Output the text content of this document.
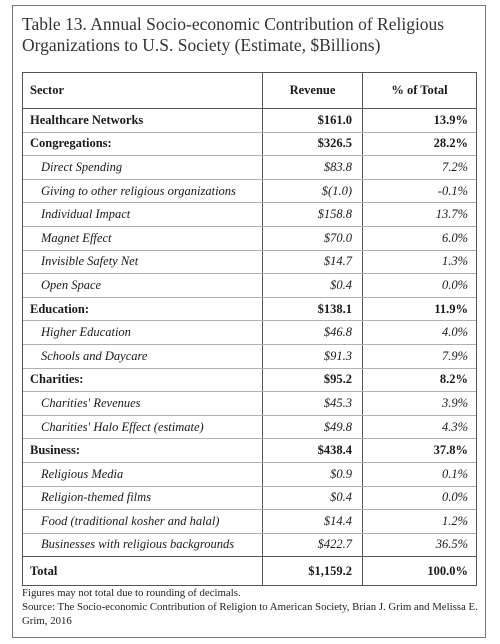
Table 13. Annual Socio-economic Contribution of Religious Organizations to U.S. Society (Estimate, $Billions)
Sector	Revenue	% of Total
Healthcare Networks	$161.0	13.9%
Congregations:	$326.5	28.2%
Direct Spending	$83.8	7.2%
Giving to other religious organizations	$(1.0)	-0.1%
Individual Impact	$158.8	13.7%
Magnet Effect	$70.0	6.0%
Invisible Safety Net	$14.7	1.3%
Open Space	$0.4	0.0%
Education:	$138.1	11.9%
Higher Education	$46.8	4.0%
Schools and Daycare	$91.3	7.9%
Charities:	$95.2	8.2%
Charities' Revenues	$45.3	3.9%
Charities' Halo Effect (estimate)	$49.8	4.3%
Business:	$438.4	37.8%
Religious Media	$0.9	0.1%
Religion-themed films	$0.4	0.0%
Food (traditional kosher and halal)	$14.4	1.2%
Businesses with religious backgrounds	$422.7	36.5%
Total	$1,159.2	100.0%
Figures may not total due to rounding of decimals.
Source: The Socio-economic Contribution of Religion to American Society, Brian J. Grim and Melissa E. Grim, 2016
